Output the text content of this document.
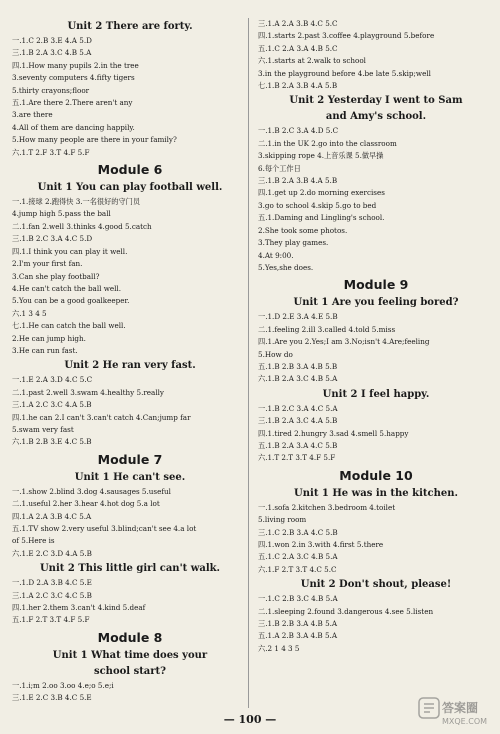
Unit 2 There are forty.
一.1.C 2.B 3.E 4.A 5.D
三.1.B 2.A 3.C 4.B 5.A
四.1.How many pupils 2.in the tree
3.seventy computers 4.fifty tigers
5.thirty crayons;floor
五.1.Are there 2.There aren't any
3.are there
4.All of them are dancing happily.
5.How many people are there in your family?
六.1.T 2.F 3.T 4.F 5.F
Module 6
Unit 1 You can play football well.
一.1.接球 2.跑得快 3.一名很好的守门员
4.jump high 5.pass the ball
二.1.fan 2.well 3.thinks 4.good 5.catch
三.1.B 2.C 3.A 4.C 5.D
四.1.I think you can play it well.
2.I'm your first fan.
3.Can she play football?
4.He can't catch the ball well.
5.You can be a good goalkeeper.
六.1 3 4 5
七.1.He can catch the ball well.
2.He can jump high.
3.He can run fast.
Unit 2 He ran very fast.
一.1.E 2.A 3.D 4.C 5.C
二.1.past 2.well 3.swam 4.healthy 5.really
三.1.A 2.C 3.C 4.A 5.B
四.1.he can 2.I can't 3.can't catch 4.Can;jump far
5.swam very fast
六.1.B 2.B 3.E 4.C 5.B
Module 7
Unit 1 He can't see.
一.1.show 2.blind 3.dog 4.sausages 5.useful
二.1.useful 2.her 3.hear 4.hot dog 5.a lot
四.1.A 2.A 3.B 4.C 5.A
五.1.TV show 2.very useful 3.blind;can't see 4.a lot
of 5.Here is
六.1.E 2.C 3.D 4.A 5.B
Unit 2 This little girl can't walk.
一.1.D 2.A 3.B 4.C 5.E
三.1.A 2.C 3.C 4.C 5.B
四.1.her 2.them 3.can't 4.kind 5.deaf
五.1.F 2.T 3.T 4.F 5.F
Module 8
Unit 1 What time does your
school start?
一.1.i;m 2.oo 3.oo 4.e;o 5.e;i
三.1.E 2.C 3.B 4.C 5.E
三.1.A 2.A 3.B 4.C 5.C
四.1.starts 2.past 3.coffee 4.playground 5.before
五.1.C 2.A 3.A 4.B 5.C
六.1.starts at 2.walk to school
3.in the playground before 4.be late 5.skip;well
七.1.B 2.A 3.B 4.A 5.B
Unit 2 Yesterday I went to Sam
and Amy's school.
一.1.B 2.C 3.A 4.D 5.C
二.1.in the UK 2.go into the classroom
3.skipping rope 4.上音乐课 5.做早操
6.每个工作日
三.1.B 2.A 3.B 4.A 5.B
四.1.get up 2.do morning exercises
3.go to school 4.skip 5.go to bed
五.1.Daming and Lingling's school.
2.She took some photos.
3.They play games.
4.At 9:00.
5.Yes,she does.
Module 9
Unit 1 Are you feeling bored?
一.1.D 2.E 3.A 4.E 5.B
二.1.feeling 2.ill 3.called 4.told 5.miss
四.1.Are you 2.Yes;I am 3.No;isn't 4.Are;feeling
5.How do
五.1.B 2.B 3.A 4.B 5.B
六.1.B 2.A 3.C 4.B 5.A
Unit 2 I feel happy.
一.1.B 2.C 3.A 4.C 5.A
三.1.B 2.A 3.C 4.A 5.B
四.1.tired 2.hungry 3.sad 4.smell 5.happy
五.1.B 2.A 3.A 4.C 5.B
六.1.T 2.T 3.T 4.F 5.F
Module 10
Unit 1 He was in the kitchen.
一.1.sofa 2.kitchen 3.bedroom 4.toilet
5.living room
三.1.C 2.B 3.A 4.C 5.B
四.1.won 2.in 3.with 4.first 5.there
五.1.C 2.A 3.C 4.B 5.A
六.1.F 2.T 3.T 4.C 5.C
Unit 2 Don't shout, please!
一.1.C 2.B 3.C 4.B 5.A
二.1.sleeping 2.found 3.dangerous 4.see 5.listen
三.1.B 2.B 3.A 4.B 5.A
五.1.A 2.B 3.A 4.B 5.A
六.2 1 4 3 5
— 100 —
答案圈
MXQE.COM
